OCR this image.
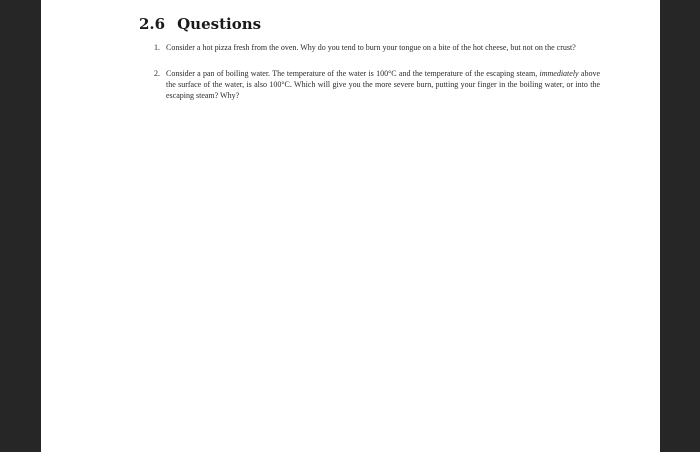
2.6 Questions
1. Consider a hot pizza fresh from the oven. Why do you tend to burn your tongue on a bite of the hot cheese, but not on the crust?
2. Consider a pan of boiling water. The temperature of the water is 100°C and the temperature of the escaping steam, immediately above the surface of the water, is also 100°C. Which will give you the more severe burn, putting your finger in the boiling water, or into the escaping steam? Why?
